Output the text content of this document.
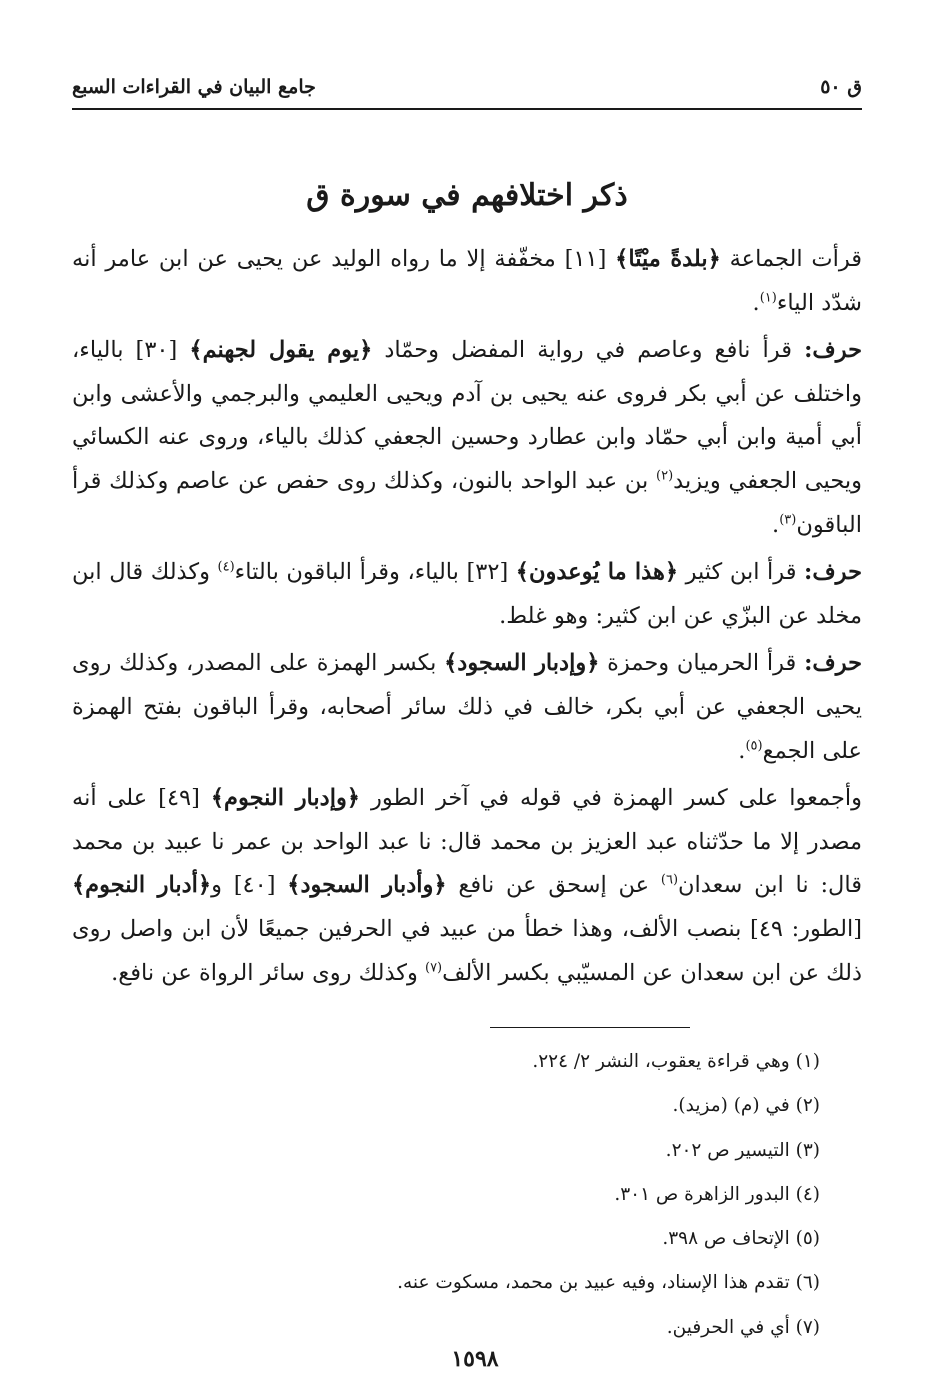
ق ٥٠
جامع البيان في القراءات السبع
ذكر اختلافهم في سورة ق

قرأت الجماعة ﴿بلدةً ميْتًا﴾ [١١] مخفّفة إلا ما رواه الوليد عن يحيى عن ابن عامر أنه شدّد الياء$^{(١)}$.

حرف: قرأ نافع وعاصم في رواية المفضل وحمّاد ﴿يوم يقول لجهنم﴾ [٣٠] بالياء، واختلف عن أبي بكر فروى عنه يحيى بن آدم ويحيى العليمي والبرجمي والأعشى وابن أبي أمية وابن أبي حمّاد وابن عطارد وحسين الجعفي كذلك بالياء، وروى عنه الكسائي ويحيى الجعفي ويزيد$^{(٢)}$ بن عبد الواحد بالنون، وكذلك روى حفص عن عاصم وكذلك قرأ الباقون$^{(٣)}$.

حرف: قرأ ابن كثير ﴿هذا ما يُوعدون﴾ [٣٢] بالياء، وقرأ الباقون بالتاء$^{(٤)}$ وكذلك قال ابن مخلد عن البزّي عن ابن كثير: وهو غلط.

حرف: قرأ الحرميان وحمزة ﴿وإدبار السجود﴾ بكسر الهمزة على المصدر، وكذلك روى يحيى الجعفي عن أبي بكر، خالف في ذلك سائر أصحابه، وقرأ الباقون بفتح الهمزة على الجمع$^{(٥)}$.

وأجمعوا على كسر الهمزة في قوله في آخر الطور ﴿وإدبار النجوم﴾ [٤٩] على أنه مصدر إلا ما حدّثناه عبد العزيز بن محمد قال: نا عبد الواحد بن عمر نا عبيد بن محمد قال: نا ابن سعدان$^{(٦)}$ عن إسحق عن نافع ﴿وأدبار السجود﴾ [٤٠] و﴿أدبار النجوم﴾ [الطور: ٤٩] بنصب الألف، وهذا خطأ من عبيد في الحرفين جميعًا لأن ابن واصل روى ذلك عن ابن سعدان عن المسيّبي بكسر الألف$^{(٧)}$ وكذلك روى سائر الرواة عن نافع.

(١) وهي قراءة يعقوب، النشر ٢/ ٢٢٤.
(٢) في (م) (مزيد).
(٣) التيسير ص ٢٠٢.
(٤) البدور الزاهرة ص ٣٠١.
(٥) الإتحاف ص ٣٩٨.
(٦) تقدم هذا الإسناد، وفيه عبيد بن محمد، مسكوت عنه.
(٧) أي في الحرفين.
١٥٩٨
